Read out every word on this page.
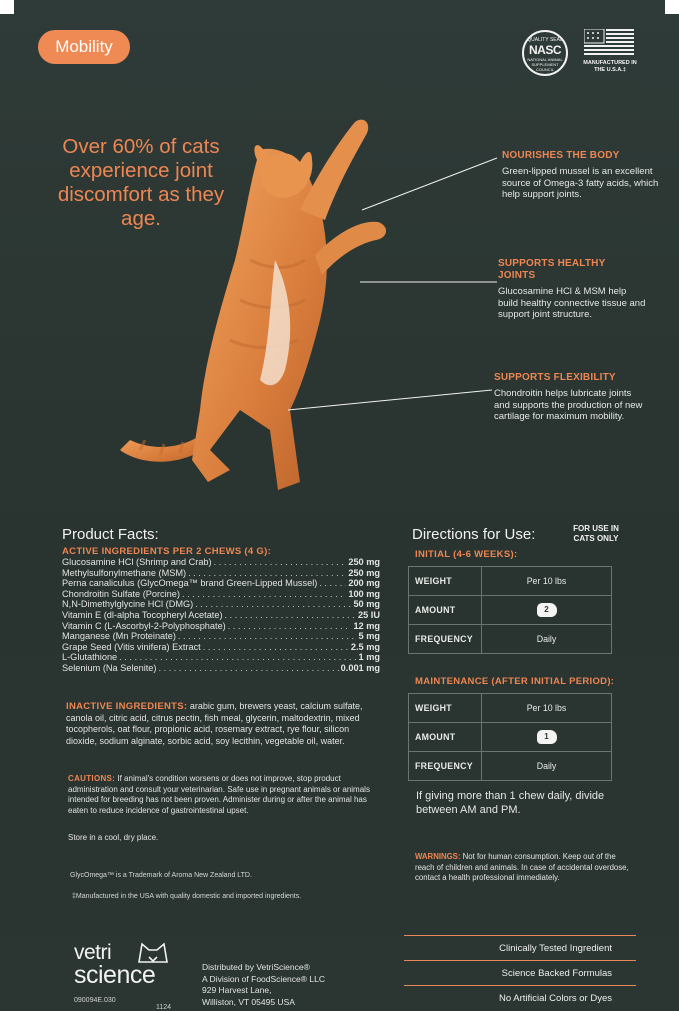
Mobility	QUALITY SEAL
NASC
NATIONAL ANIMAL SUPPLEMENT COUNCIL
MANUFACTURED IN THE U.S.A.‡
Over 60% of cats experience joint discomfort as they age.
NOURISHES THE BODY
Green-lipped mussel is an excellent source of Omega-3 fatty acids, which help support joints.
SUPPORTS HEALTHY JOINTS
Glucosamine HCl & MSM help build healthy connective tissue and support joint structure.
SUPPORTS FLEXIBILITY
Chondroitin helps lubricate joints and supports the production of new cartilage for maximum mobility.
Product Facts:
ACTIVE INGREDIENTS PER 2 CHEWS (4 G):
Glucosamine HCl (Shrimp and Crab) . . .	250 mg
Methylsulfonylmethane (MSM) . . .	250 mg
Perna canaliculus (GlycOmega™ brand Green-Lipped Mussel) . . .	200 mg
Chondroitin Sulfate (Porcine) . . .	100 mg
N,N-Dimethylglycine HCl (DMG) . . .	50 mg
Vitamin E (dl-alpha Tocopheryl Acetate) . . .	25 IU
Vitamin C (L-Ascorbyl-2-Polyphosphate) . . .	12 mg
Manganese (Mn Proteinate) . . .	5 mg
Grape Seed (Vitis vinifera) Extract . . .	2.5 mg
L-Glutathione . . .	1 mg
Selenium (Na Selenite) . . .	0.001 mg
INACTIVE INGREDIENTS: arabic gum, brewers yeast, calcium sulfate, canola oil, citric acid, citrus pectin, fish meal, glycerin, maltodextrin, mixed tocopherols, oat flour, propionic acid, rosemary extract, rye flour, silicon dioxide, sodium alginate, sorbic acid, soy lecithin, vegetable oil, water.
CAUTIONS: If animal's condition worsens or does not improve, stop product administration and consult your veterinarian. Safe use in pregnant animals or animals intended for breeding has not been proven. Administer during or after the animal has eaten to reduce incidence of gastrointestinal upset.
Store in a cool, dry place.
GlycOmega™ is a Trademark of Aroma New Zealand LTD.
‡Manufactured in the USA with quality domestic and imported ingredients.
vetri
science
090094E.030
1124
Distributed by VetriScience®
A Division of FoodScience® LLC
929 Harvest Lane,
Williston, VT 05495 USA
Directions for Use:	FOR USE IN CATS ONLY
INITIAL (4-6 WEEKS):
WEIGHT	Per 10 lbs
AMOUNT	2
FREQUENCY	Daily
MAINTENANCE (AFTER INITIAL PERIOD):
WEIGHT	Per 10 lbs
AMOUNT	1
FREQUENCY	Daily
If giving more than 1 chew daily, divide between AM and PM.
WARNINGS: Not for human consumption. Keep out of the reach of children and animals. In case of accidental overdose, contact a health professional immediately.
Clinically Tested Ingredient
Science Backed Formulas
No Artificial Colors or Dyes
